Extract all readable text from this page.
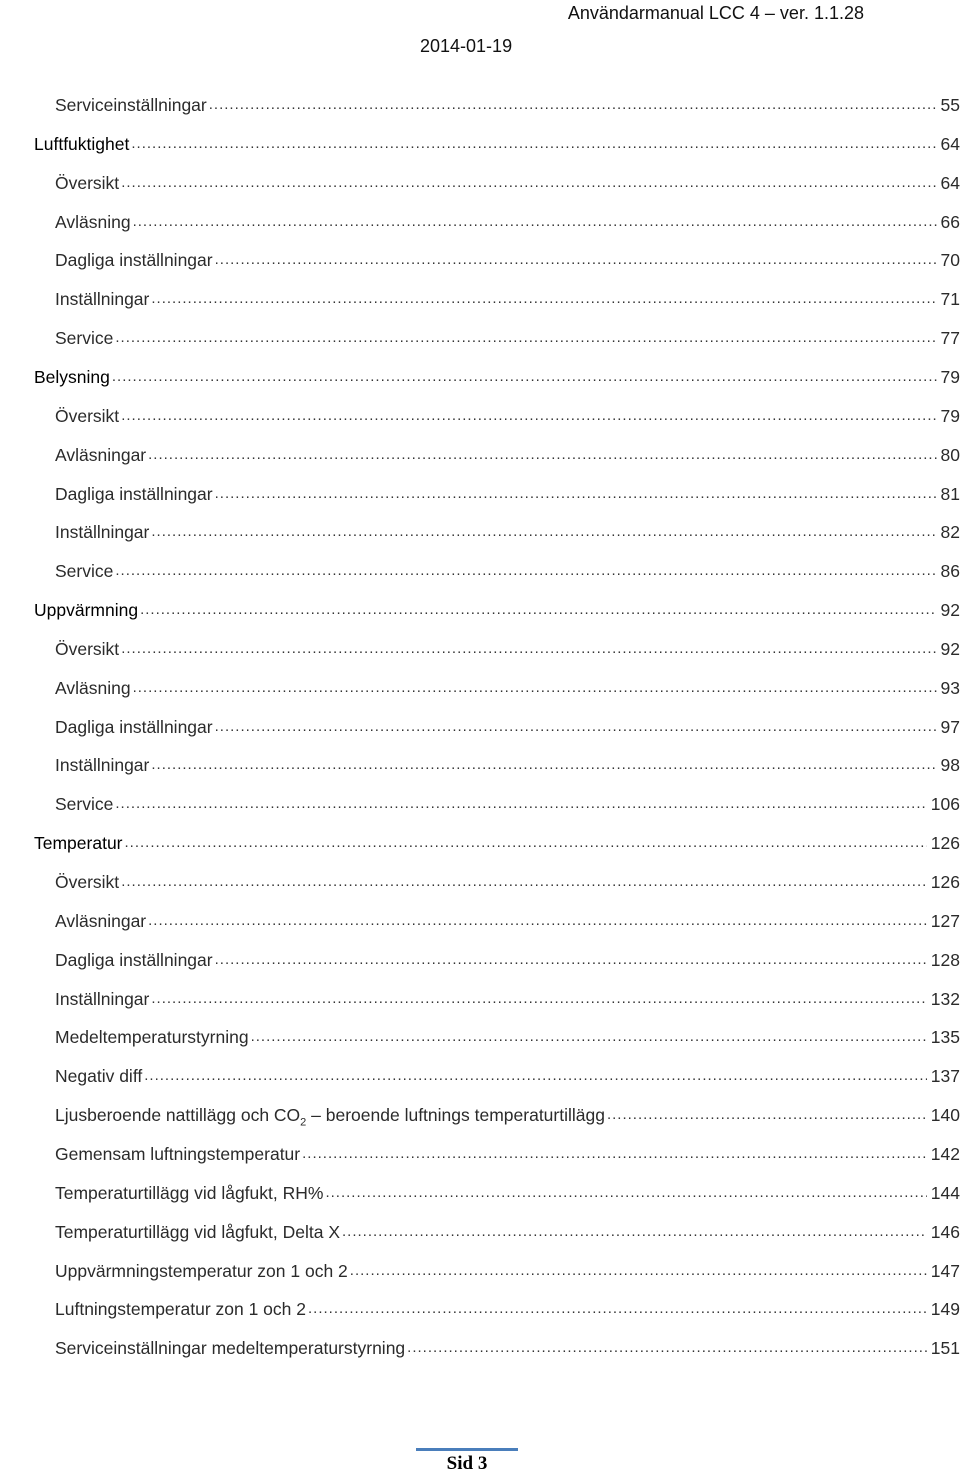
Användarmanual LCC 4 – ver. 1.1.28
2014-01-19
Serviceinställningar .....	55
Luftfuktighet .....	64
Översikt .....	64
Avläsning .....	66
Dagliga inställningar .....	70
Inställningar .....	71
Service .....	77
Belysning .....	79
Översikt .....	79
Avläsningar .....	80
Dagliga inställningar .....	81
Inställningar .....	82
Service .....	86
Uppvärmning .....	92
Översikt .....	92
Avläsning .....	93
Dagliga inställningar .....	97
Inställningar .....	98
Service .....	106
Temperatur .....	126
Översikt .....	126
Avläsningar .....	127
Dagliga inställningar .....	128
Inställningar .....	132
Medeltemperaturstyrning .....	135
Negativ diff .....	137
Ljusberoende nattillägg och $CO_2$ – beroende luftnings temperaturtillägg .....	140
Gemensam luftningstemperatur .....	142
Temperaturtillägg vid lågfukt, RH% .....	144
Temperaturtillägg vid lågfukt, Delta X .....	146
Uppvärmningstemperatur zon 1 och 2 .....	147
Luftningstemperatur zon 1 och 2 .....	149
Serviceinställningar medeltemperaturstyrning .....	151
Sid 3
